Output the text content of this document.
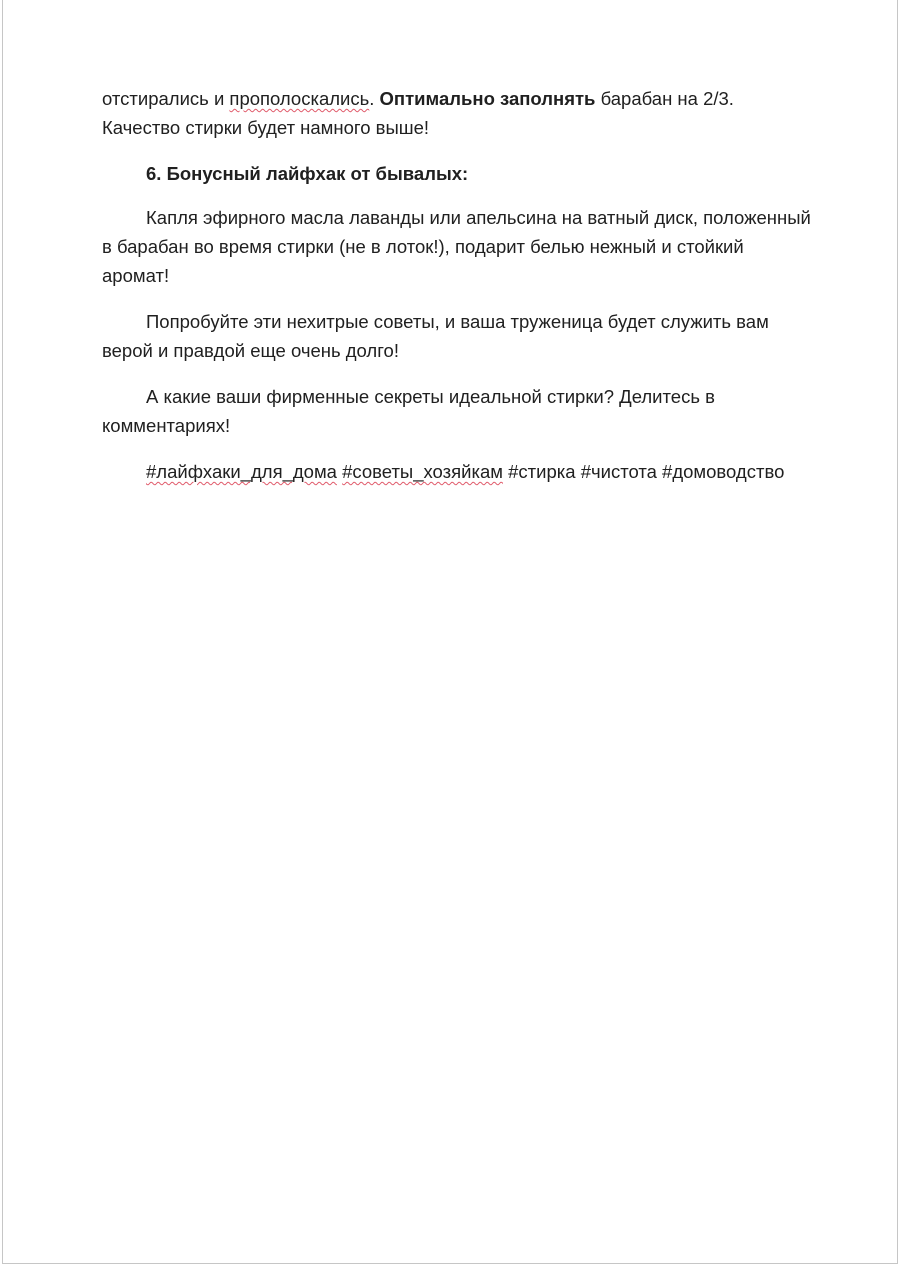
отстирались и прополоскались. Оптимально заполнять барабан на 2/3. Качество стирки будет намного выше!

6. Бонусный лайфхак от бывалых:

Капля эфирного масла лаванды или апельсина на ватный диск, положенный в барабан во время стирки (не в лоток!), подарит белью нежный и стойкий аромат!

Попробуйте эти нехитрые советы, и ваша труженица будет служить вам верой и правдой еще очень долго!

А какие ваши фирменные секреты идеальной стирки? Делитесь в комментариях!

#лайфхаки_для_дома #советы_хозяйкам #стирка #чистота #домоводство
